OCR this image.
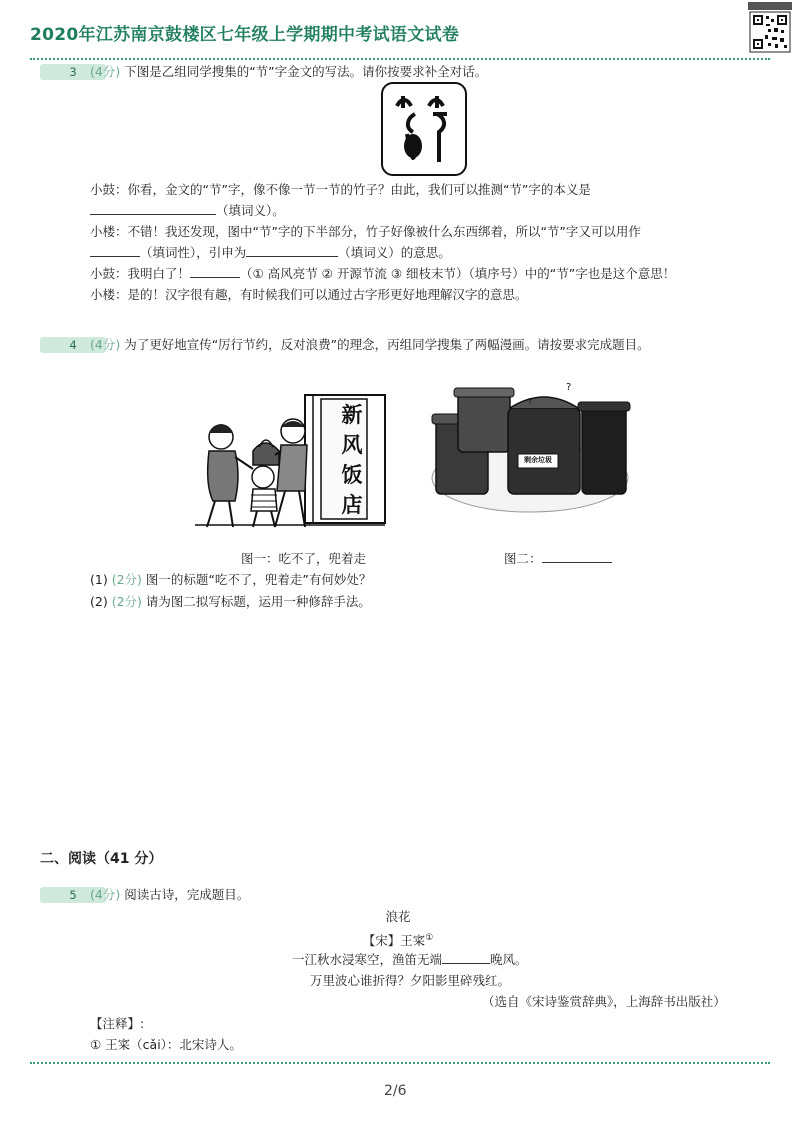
2020年江苏南京鼓楼区七年级上学期期中考试语文试卷
3	(4分) 下图是乙组同学搜集的“节”字金文的写法。请你按要求补全对话。
小鼓：你看，金文的“节”字，像不像一节一节的竹子？由此，我们可以推测“节”字的本义是
（填词义）。
小楼：不错！我还发现，图中“节”字的下半部分，竹子好像被什么东西绑着，所以“节”字又可以用作
（填词性），引申为	（填词义）的意思。
小鼓：我明白了！	（① 高风亮节 ② 开源节流 ③ 细枝末节）（填序号）中的“节”字也是这个意思！
小楼：是的！汉字很有趣，有时候我们可以通过古字形更好地理解汉字的意思。
4	(4分) 为了更好地宣传“厉行节约，反对浪费”的理念，丙组同学搜集了两幅漫画。请按要求完成题目。
新风饭店
?
?
剩余垃圾
图一：吃不了，兜着走	图二：
(1) (2分) 图一的标题“吃不了，兜着走”有何妙处？
(2) (2分) 请为图二拟写标题，运用一种修辞手法。
二、阅读（41 分）
5	(4分) 阅读古诗，完成题目。
浪花
【宋】王寀①
一江秋水浸寒空，渔笛无端	晚风。
万里波心谁折得？夕阳影里碎残红。
（选自《宋诗鉴赏辞典》，上海辞书出版社）
【注释】:
① 王寀（cǎi）：北宋诗人。
2/6
